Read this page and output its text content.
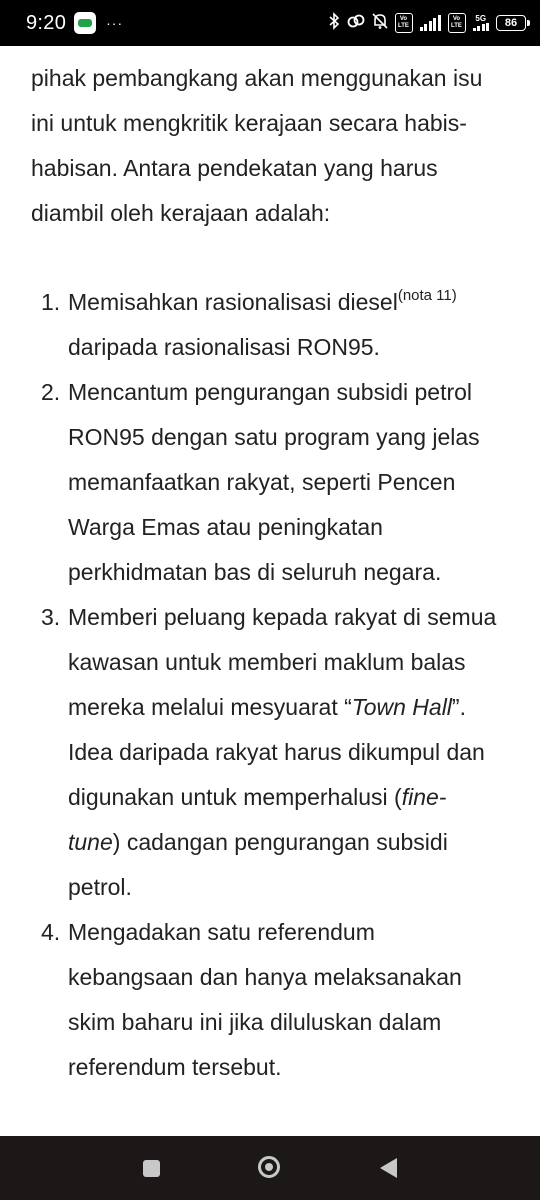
9:20	···	Vo
LTE
Vo
LTE
5G 86

pihak pembangkang akan menggunakan isu
ini untuk mengkritik kerajaan secara habis-
habisan. Antara pendekatan yang harus
diambil oleh kerajaan adalah:

1. Memisahkan rasionalisasi diesel$^{(nota 11)}$
daripada rasionalisasi RON95.
2. Mencantum pengurangan subsidi petrol
RON95 dengan satu program yang jelas
memanfaatkan rakyat, seperti Pencen
Warga Emas atau peningkatan
perkhidmatan bas di seluruh negara.
3. Memberi peluang kepada rakyat di semua
kawasan untuk memberi maklum balas
mereka melalui mesyuarat “Town Hall”.
Idea daripada rakyat harus dikumpul dan
digunakan untuk memperhalusi (fine-
tune) cadangan pengurangan subsidi
petrol.
4. Mengadakan satu referendum
kebangsaan dan hanya melaksanakan
skim baharu ini jika diluluskan dalam
referendum tersebut.
